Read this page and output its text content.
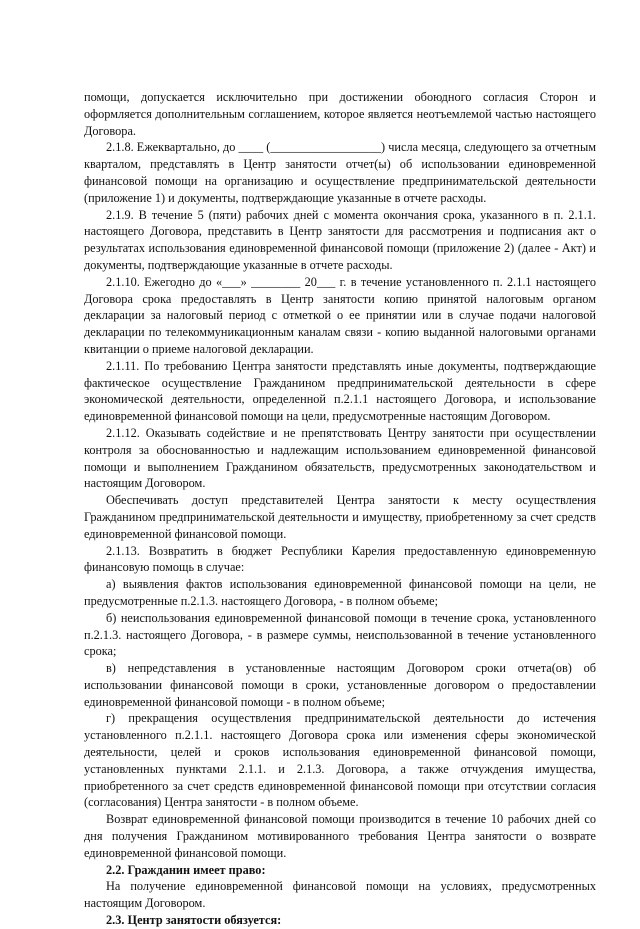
помощи, допускается исключительно при достижении обоюдного согласия Сторон и оформляется дополнительным соглашением, которое является неотъемлемой частью настоящего Договора.

2.1.8. Ежеквартально, до ____ (__________________) числа месяца, следующего за отчетным кварталом, представлять в Центр занятости отчет(ы) об использовании единовременной финансовой помощи на организацию и осуществление предпринимательской деятельности (приложение 1) и документы, подтверждающие указанные в отчете расходы.

2.1.9. В течение 5 (пяти) рабочих дней с момента окончания срока, указанного в п. 2.1.1. настоящего Договора, представить в Центр занятости для рассмотрения и подписания акт о результатах использования единовременной финансовой помощи (приложение 2) (далее - Акт) и документы, подтверждающие указанные в отчете расходы.

2.1.10. Ежегодно до «___» ________ 20___ г. в течение установленного п. 2.1.1 настоящего Договора срока предоставлять в Центр занятости копию принятой налоговым органом декларации за налоговый период с отметкой о ее принятии или в случае подачи налоговой декларации по телекоммуникационным каналам связи - копию выданной налоговыми органами квитанции о приеме налоговой декларации.

2.1.11. По требованию Центра занятости представлять иные документы, подтверждающие фактическое осуществление Гражданином предпринимательской деятельности в сфере экономической деятельности, определенной п.2.1.1 настоящего Договора, и использование единовременной финансовой помощи на цели, предусмотренные настоящим Договором.

2.1.12. Оказывать содействие и не препятствовать Центру занятости при осуществлении контроля за обоснованностью и надлежащим использованием единовременной финансовой помощи и выполнением Гражданином обязательств, предусмотренных законодательством и настоящим Договором.

Обеспечивать доступ представителей Центра занятости к месту осуществления Гражданином предпринимательской деятельности и имуществу, приобретенному за счет средств единовременной финансовой помощи.

2.1.13. Возвратить в бюджет Республики Карелия предоставленную единовременную финансовую помощь в случае:

а) выявления фактов использования единовременной финансовой помощи на цели, не предусмотренные п.2.1.3. настоящего Договора, - в полном объеме;

б) неиспользования единовременной финансовой помощи в течение срока, установленного п.2.1.3. настоящего Договора, - в размере суммы, неиспользованной в течение установленного срока;

в) непредставления в установленные настоящим Договором сроки отчета(ов) об использовании финансовой помощи в сроки, установленные договором о предоставлении единовременной финансовой помощи - в полном объеме;

г) прекращения осуществления предпринимательской деятельности до истечения установленного п.2.1.1. настоящего Договора срока или изменения сферы экономической деятельности, целей и сроков использования единовременной финансовой помощи, установленных пунктами 2.1.1. и 2.1.3. Договора, а также отчуждения имущества, приобретенного за счет средств единовременной финансовой помощи при отсутствии согласия (согласования) Центра занятости - в полном объеме.

Возврат единовременной финансовой помощи производится в течение 10 рабочих дней со дня получения Гражданином мотивированного требования Центра занятости о возврате единовременной финансовой помощи.

2.2. Гражданин имеет право:

На получение единовременной финансовой помощи на условиях, предусмотренных настоящим Договором.

2.3. Центр занятости обязуется:
